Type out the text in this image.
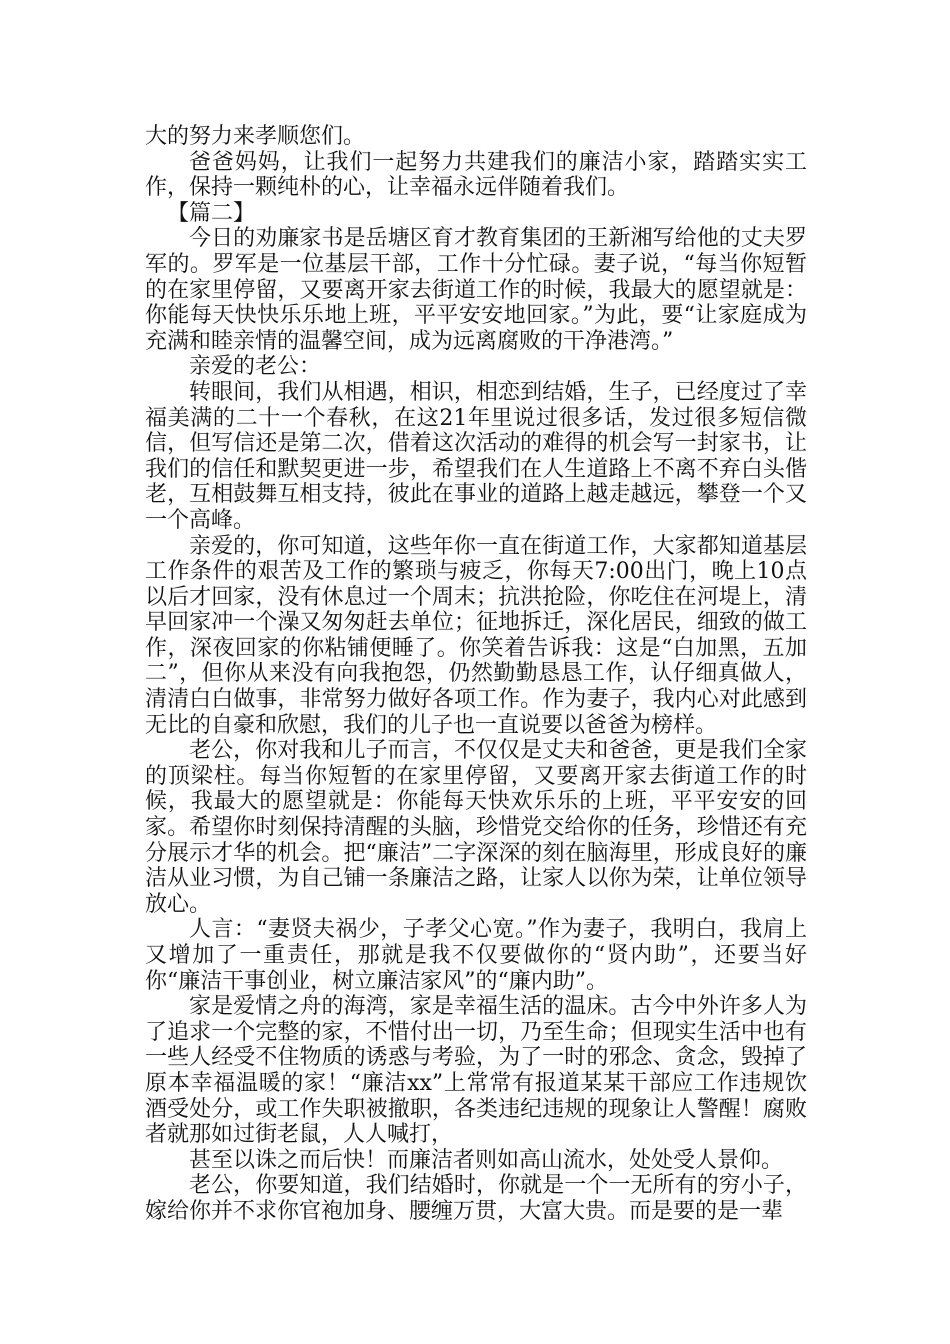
大的努力来孝顺您们。

爸爸妈妈，让我们一起努力共建我们的廉洁小家，踏踏实实工作，保持一颗纯朴的心，让幸福永远伴随着我们。

【篇二】

今日的劝廉家书是岳塘区育才教育集团的王新湘写给他的丈夫罗军的。罗军是一位基层干部，工作十分忙碌。妻子说，“每当你短暂的在家里停留，又要离开家去街道工作的时候，我最大的愿望就是：你能每天快快乐乐地上班，平平安安地回家。”为此，要“让家庭成为充满和睦亲情的温馨空间，成为远离腐败的干净港湾。”

亲爱的老公：

转眼间，我们从相遇，相识，相恋到结婚，生子，已经度过了幸福美满的二十一个春秋，在这21年里说过很多话，发过很多短信微信，但写信还是第二次，借着这次活动的难得的机会写一封家书，让我们的信任和默契更进一步，希望我们在人生道路上不离不弃白头偕老，互相鼓舞互相支持，彼此在事业的道路上越走越远，攀登一个又一个高峰。

亲爱的，你可知道，这些年你一直在街道工作，大家都知道基层工作条件的艰苦及工作的繁琐与疲乏，你每天7:00出门，晚上10点以后才回家，没有休息过一个周末；抗洪抢险，你吃住在河堤上，清早回家冲一个澡又匆匆赶去单位；征地拆迁，深化居民，细致的做工作，深夜回家的你粘铺便睡了。你笑着告诉我：这是“白加黑，五加二”，但你从来没有向我抱怨，仍然勤勤恳恳工作，认仔细真做人，清清白白做事，非常努力做好各项工作。作为妻子，我内心对此感到无比的自豪和欣慰，我们的儿子也一直说要以爸爸为榜样。

老公，你对我和儿子而言，不仅仅是丈夫和爸爸，更是我们全家的顶梁柱。每当你短暂的在家里停留，又要离开家去街道工作的时候，我最大的愿望就是：你能每天快欢乐乐的上班，平平安安的回家。希望你时刻保持清醒的头脑，珍惜党交给你的任务，珍惜还有充分展示才华的机会。把“廉洁”二字深深的刻在脑海里，形成良好的廉洁从业习惯，为自己铺一条廉洁之路，让家人以你为荣，让单位领导放心。

人言：“妻贤夫祸少，子孝父心宽。”作为妻子，我明白，我肩上又增加了一重责任，那就是我不仅要做你的“贤内助”，还要当好你“廉洁干事创业，树立廉洁家风”的“廉内助”。

家是爱情之舟的海湾，家是幸福生活的温床。古今中外许多人为了追求一个完整的家，不惜付出一切，乃至生命；但现实生活中也有一些人经受不住物质的诱惑与考验，为了一时的邪念、贪念，毁掉了原本幸福温暖的家！“廉洁xx”上常常有报道某某干部应工作违规饮酒受处分，或工作失职被撤职，各类违纪违规的现象让人警醒！腐败者就那如过街老鼠，人人喊打，

甚至以诛之而后快！而廉洁者则如高山流水，处处受人景仰。

老公，你要知道，我们结婚时，你就是一个一无所有的穷小子，嫁给你并不求你官袍加身、腰缠万贯，大富大贵。而是要的是一辈
